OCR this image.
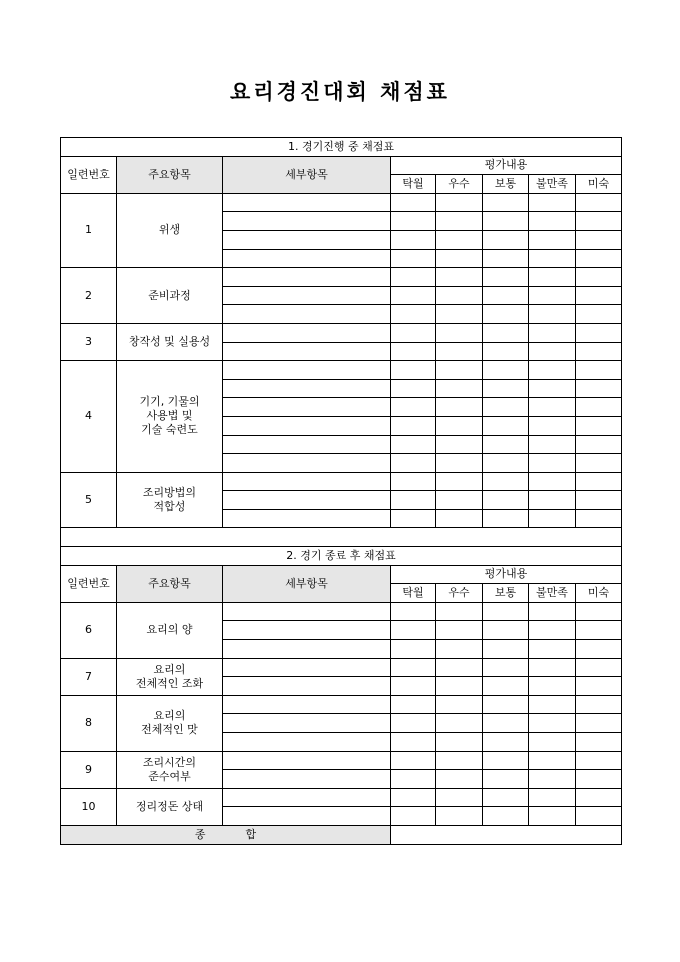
요리경진대회 채점표
1. 경기진행 중 채점표							
일련번호	주요항목	세부항목	평가내용				
			탁월	우수	보통	불만족	미숙
1	위생						

2	준비과정						

3	창작성 및 실용성						

4	기기, 기물의
사용법 및
기술 숙련도						

5	조리방법의
적합성						

2. 경기 종료 후 채점표							
일련번호	주요항목	세부항목	평가내용				
			탁월	우수	보통	불만족	미숙
6	요리의 양						

7	요리의
전체적인 조화						

8	요리의
전체적인 맛						

9	조리시간의
준수여부						

10	정리정돈 상태						

종합							
